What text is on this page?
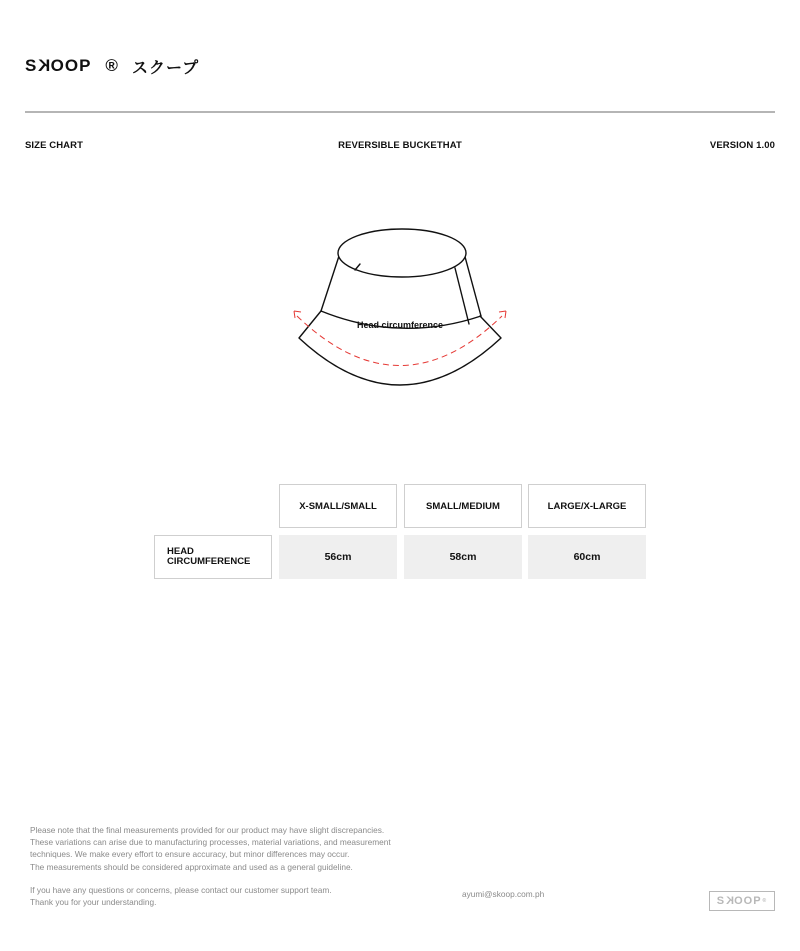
SKOOP ® スクープ
SIZE CHART	REVERSIBLE BUCKETHAT	VERSION 1.00
Head circumference
X-SMALL/SMALL	SMALL/MEDIUM	LARGE/X-LARGE
HEAD CIRCUMFERENCE	56cm	58cm	60cm

Please note that the final measurements provided for our product may have slight discrepancies.

These variations can arise due to manufacturing processes, material variations, and measurement

techniques. We make every effort to ensure accuracy, but minor differences may occur.

The measurements should be considered approximate and used as a general guideline.

If you have any questions or concerns, please contact our customer support team.

Thank you for your understanding.

ayumi@skoop.com.ph
S K OOP ®
